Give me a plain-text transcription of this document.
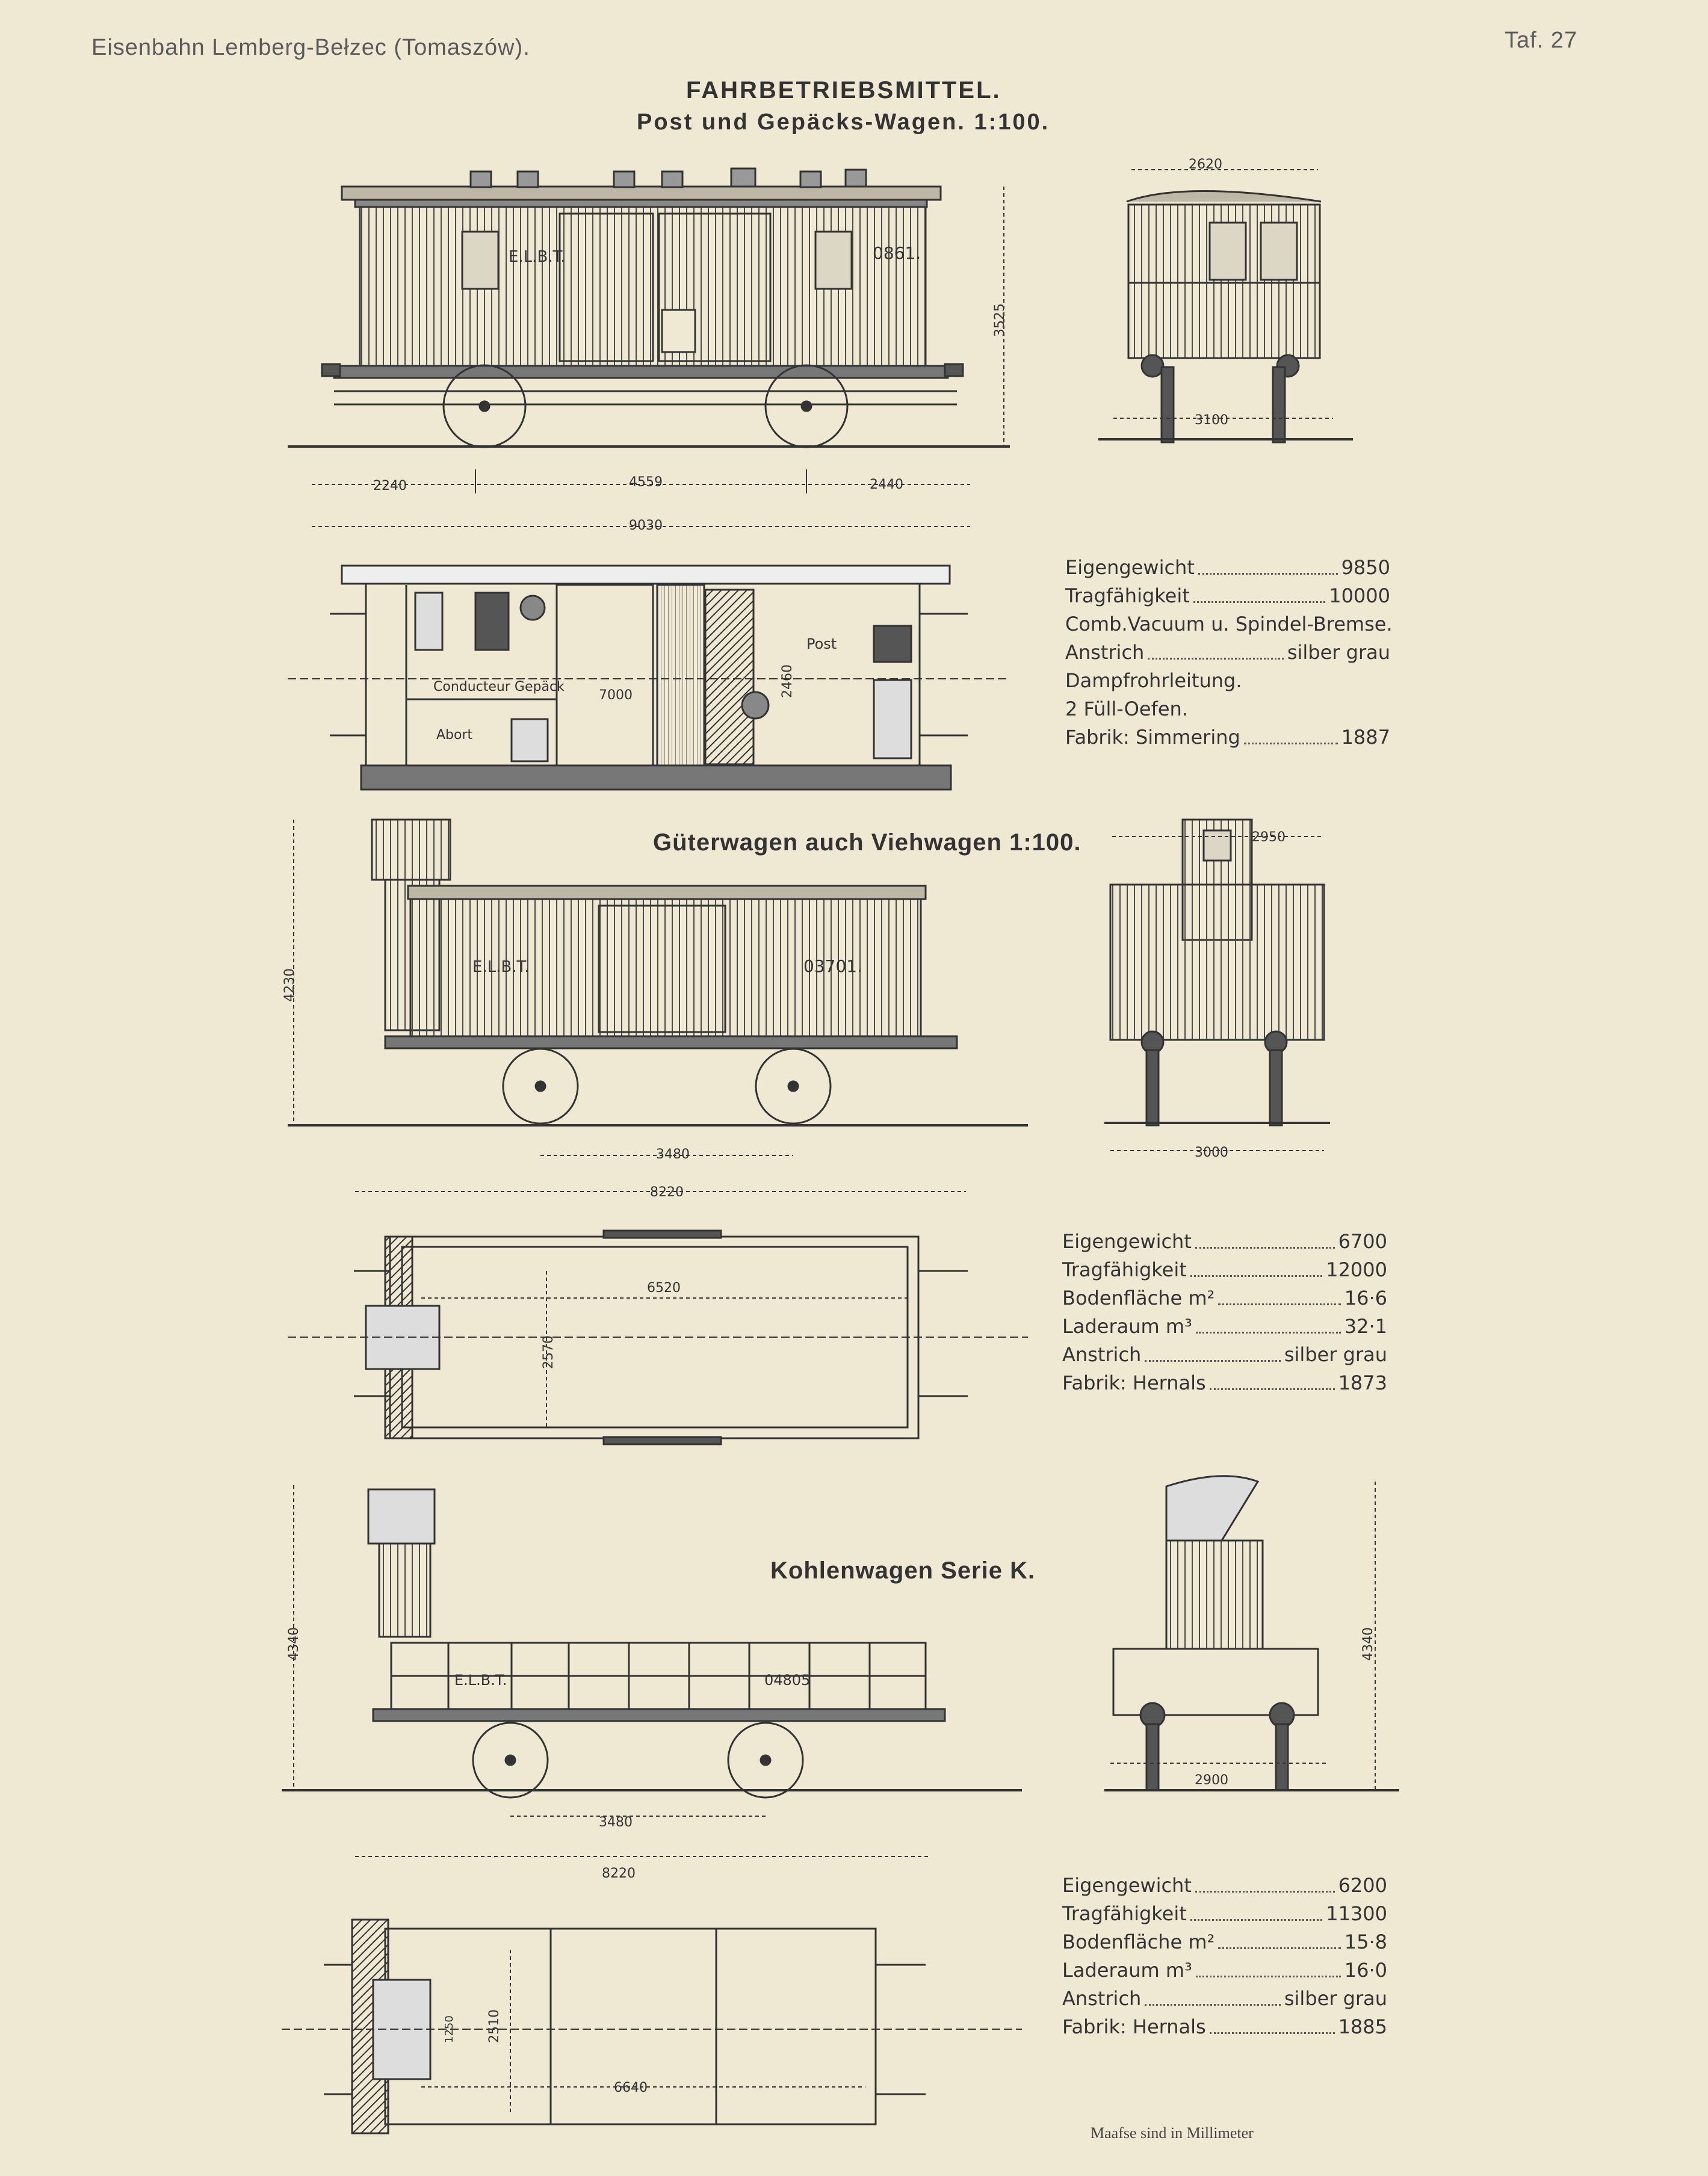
E.L.B.T.	0861.
3525
2620
3100
2240	4559	2440
9030
2460
7000
Conducteur Gepäck
Abort
Post
E.L.B.T.	03701.
4230
2950
3000
3480
8220
6520
2570
E.L.B.T.	04805
4340	4340
2900
3480
8220
6640
2510
1250
Eisenbahn Lemberg-Bełzec (Tomaszów).	Taf. 27
FAHRBETRIEBSMITTEL.
Post und Gepäcks-Wagen. 1:100.
Güterwagen auch Viehwagen 1:100.
Kohlenwagen Serie K.
Eigengewicht	9850
Tragfähigkeit	10000
Comb.Vacuum u. Spindel-Bremse.
Anstrich	silber grau
Dampfrohrleitung.
2 Füll-Oefen.
Fabrik: Simmering	1887
Eigengewicht	6700
Tragfähigkeit	12000
Bodenfläche m²	16·6
Laderaum m³	32·1
Anstrich	silber grau
Fabrik: Hernals	1873
Eigengewicht	6200
Tragfähigkeit	11300
Bodenfläche m²	15·8
Laderaum m³	16·0
Anstrich	silber grau
Fabrik: Hernals	1885
Maafse sind in Millimeter
